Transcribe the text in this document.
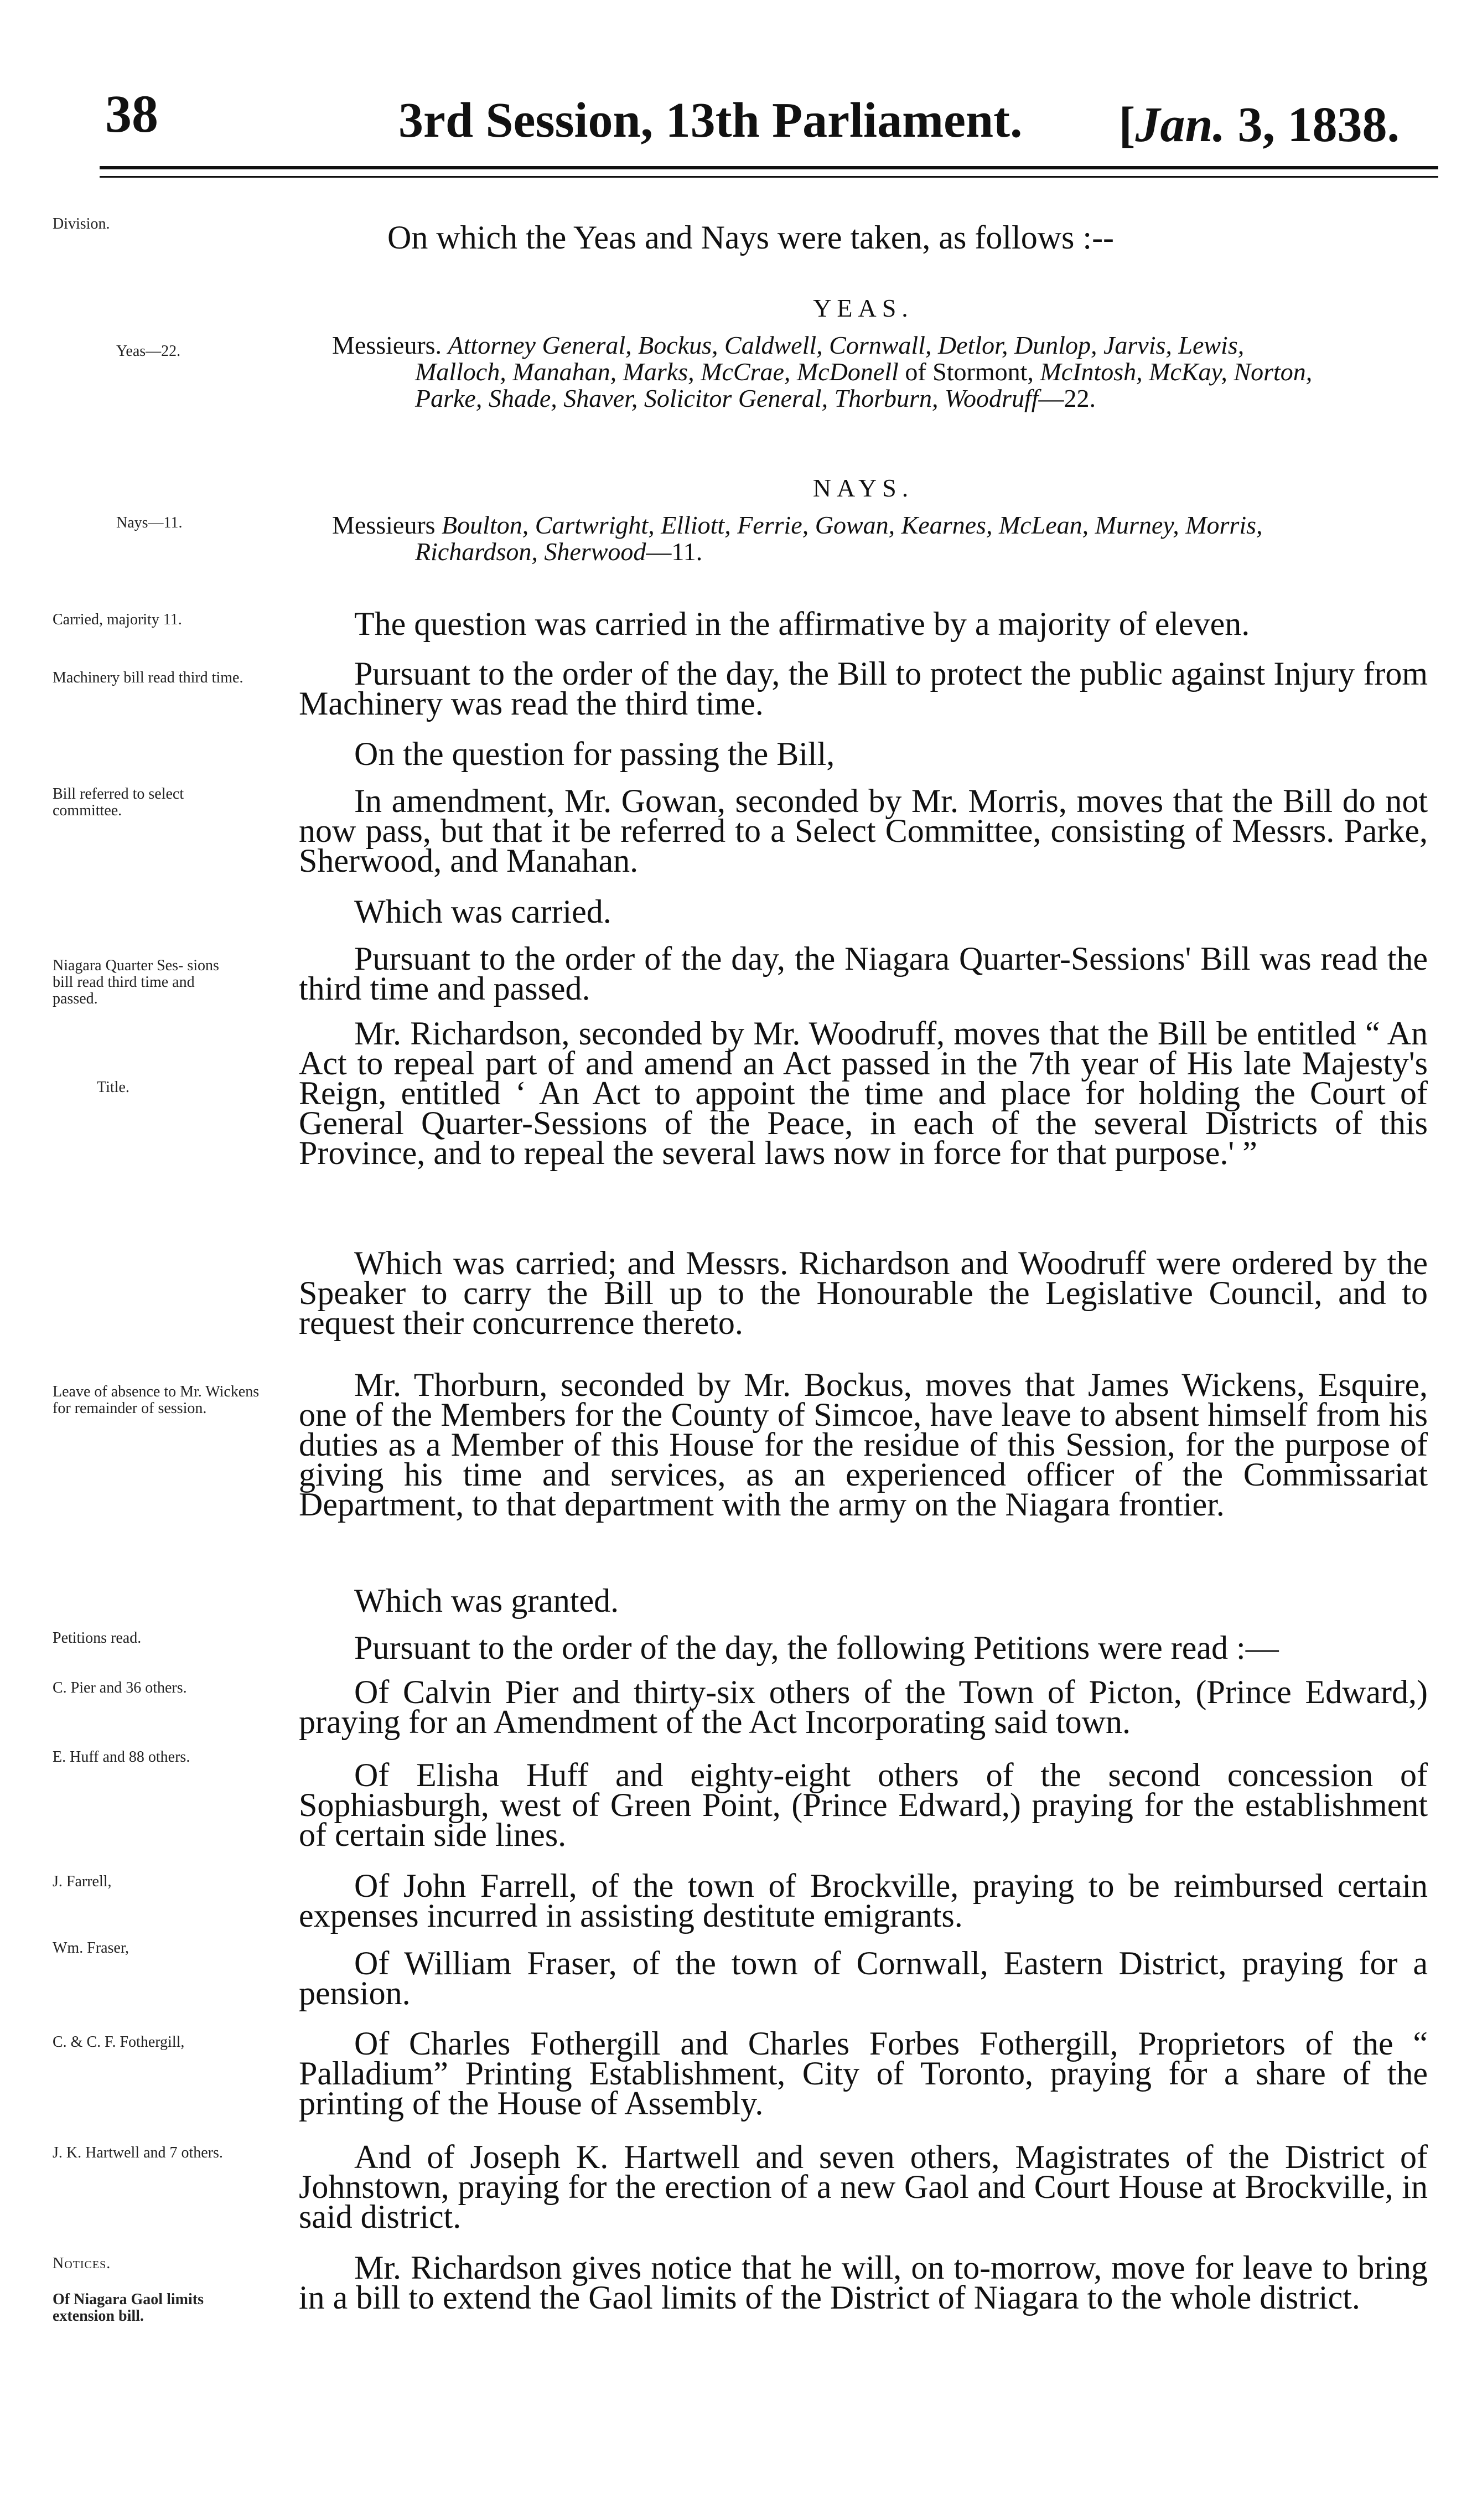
38	3rd Session, 13th Parliament. [Jan. 3, 1838.
Division.
Yeas—22.
Nays—11.
Carried, majority 11.
Machinery bill read third time.
Bill referred to select committee.
Niagara Quarter Ses- sions bill read third time and passed.
Title.
Leave of absence to Mr. Wickens for remainder of session.
Petitions read.
C. Pier and 36 others.
E. Huff and 88 others.
J. Farrell,
Wm. Fraser,
C. & C. F. Fothergill,
J. K. Hartwell and 7 others.
Notices.
Of Niagara Gaol limits extension bill.
On which the Yeas and Nays were taken, as follows :--
YEAS.
Messieurs. Attorney General, Bockus, Caldwell, Cornwall, Detlor, Dunlop, Jarvis, Lewis,
Malloch, Manahan, Marks, McCrae, McDonell of Stormont, McIntosh, McKay, Norton,
Parke, Shade, Shaver, Solicitor General, Thorburn, Woodruff—22.
NAYS.
Messieurs Boulton, Cartwright, Elliott, Ferrie, Gowan, Kearnes, McLean, Murney, Morris,
Richardson, Sherwood—11.
The question was carried in the affirmative by a majority of eleven.
Pursuant to the order of the day, the Bill to protect the public against Injury from Machinery was read the third time.
On the question for passing the Bill,
In amendment, Mr. Gowan, seconded by Mr. Morris, moves that the Bill do not now pass, but that it be referred to a Select Committee, consisting of Messrs. Parke, Sherwood, and Manahan.
Which was carried.
Pursuant to the order of the day, the Niagara Quarter-Sessions' Bill was read the third time and passed.
Mr. Richardson, seconded by Mr. Woodruff, moves that the Bill be entitled “ An Act to repeal part of and amend an Act passed in the 7th year of His late Majesty's Reign, entitled ‘ An Act to appoint the time and place for holding the Court of General Quarter-Sessions of the Peace, in each of the several Districts of this Province, and to repeal the several laws now in force for that purpose.' ”
Which was carried; and Messrs. Richardson and Woodruff were ordered by the Speaker to carry the Bill up to the Honourable the Legislative Council, and to request their concurrence thereto.
Mr. Thorburn, seconded by Mr. Bockus, moves that James Wickens, Esquire, one of the Members for the County of Simcoe, have leave to absent himself from his duties as a Member of this House for the residue of this Session, for the purpose of giving his time and services, as an experienced officer of the Commissariat Department, to that department with the army on the Niagara frontier.
Which was granted.
Pursuant to the order of the day, the following Petitions were read :—
Of Calvin Pier and thirty-six others of the Town of Picton, (Prince Edward,) praying for an Amendment of the Act Incorporating said town.
Of Elisha Huff and eighty-eight others of the second concession of Sophiasburgh, west of Green Point, (Prince Edward,) praying for the establishment of certain side lines.
Of John Farrell, of the town of Brockville, praying to be reimbursed certain expenses incurred in assisting destitute emigrants.
Of William Fraser, of the town of Cornwall, Eastern District, praying for a pension.
Of Charles Fothergill and Charles Forbes Fothergill, Proprietors of the “ Palladium” Printing Establishment, City of Toronto, praying for a share of the printing of the House of Assembly.
And of Joseph K. Hartwell and seven others, Magistrates of the District of Johnstown, praying for the erection of a new Gaol and Court House at Brockville, in said district.
Mr. Richardson gives notice that he will, on to-morrow, move for leave to bring in a bill to extend the Gaol limits of the District of Niagara to the whole district.
